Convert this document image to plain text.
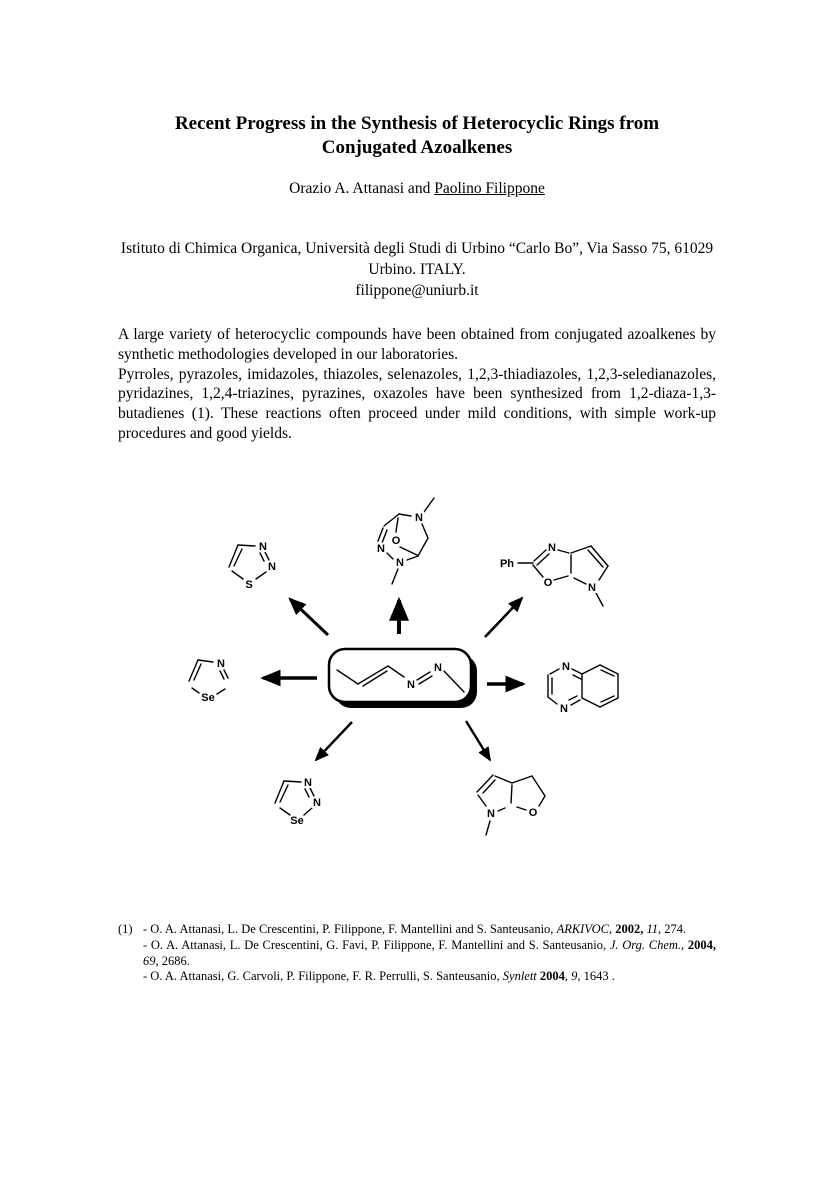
Recent Progress in the Synthesis of Heterocyclic Rings from Conjugated Azoalkenes

Orazio A. Attanasi and Paolino Filippone

Istituto di Chimica Organica, Università degli Studi di Urbino “Carlo Bo”, Via Sasso 75, 61029 Urbino. ITALY.

filippone@uniurb.it

A large variety of heterocyclic compounds have been obtained from conjugated azoalkenes by synthetic methodologies developed in our laboratories.

Pyrroles, pyrazoles, imidazoles, thiazoles, selenazoles, 1,2,3-thiadiazoles, 1,2,3-seledianazoles, pyridazines, 1,2,4-triazines, pyrazines, oxazoles have been synthesized from 1,2-diaza-1,3-butadienes (1). These reactions often proceed under mild conditions, with simple work-up procedures and good yields.

N
N
N
N
S
N
N
N
O
Ph
N
O	N
N
Se
N
N
N
N
Se
N	O
(1) - O. A. Attanasi, L. De Crescentini, P. Filippone, F. Mantellini and S. Santeusanio, ARKIVOC, 2002, 11, 274.
- O. A. Attanasi, L. De Crescentini, G. Favi, P. Filippone, F. Mantellini and S. Santeusanio, J. Org. Chem., 2004, 69, 2686.
- O. A. Attanasi, G. Carvoli, P. Filippone, F. R. Perrulli, S. Santeusanio, Synlett 2004, 9, 1643 .
